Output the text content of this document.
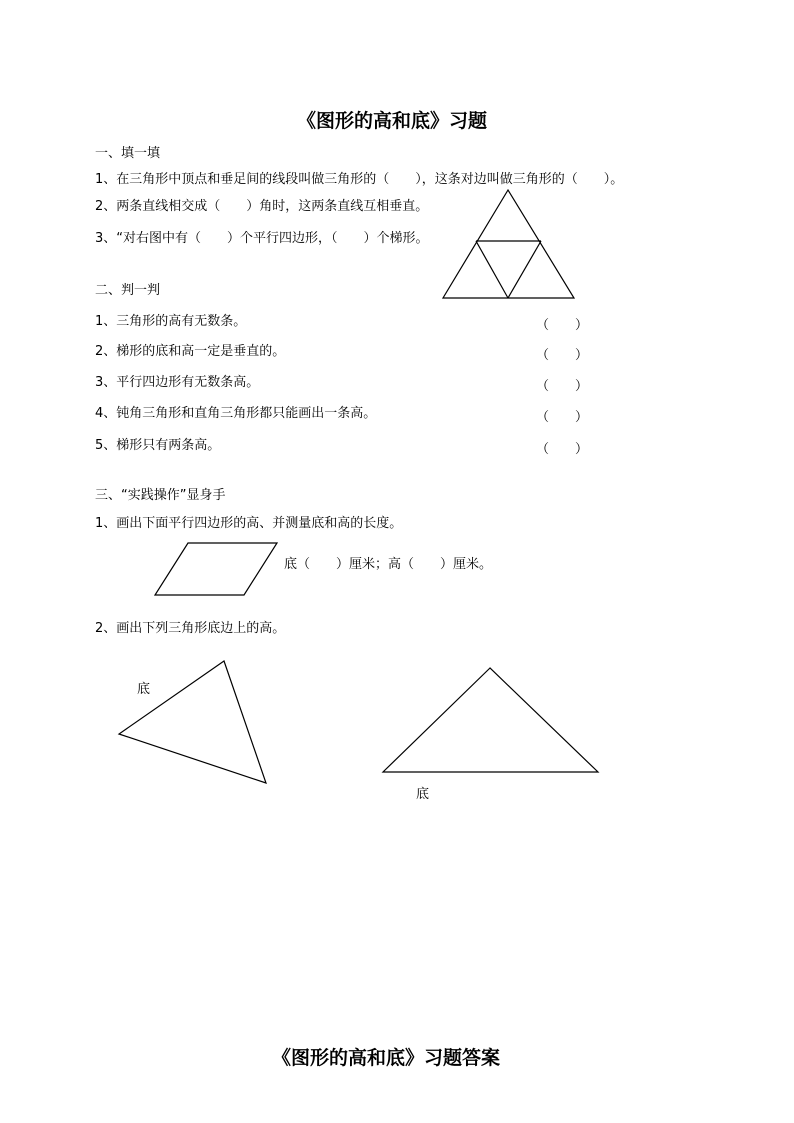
《图形的高和底》习题
一、填一填
1、在三角形中顶点和垂足间的线段叫做三角形的（　　），这条对边叫做三角形的（　　）。
2、两条直线相交成（　　）角时，这两条直线互相垂直。
3、“对右图中有（　　）个平行四边形，（　　）个梯形。
二、判一判
1、三角形的高有无数条。	（　　）
2、梯形的底和高一定是垂直的。	（　　）
3、平行四边形有无数条高。	（　　）
4、钝角三角形和直角三角形都只能画出一条高。	（　　）
5、梯形只有两条高。	（　　）
三、“实践操作”显身手
1、画出下面平行四边形的高、并测量底和高的长度。
底（　　）厘米；高（　　）厘米。
2、画出下列三角形底边上的高。
底
底
《图形的高和底》习题答案
